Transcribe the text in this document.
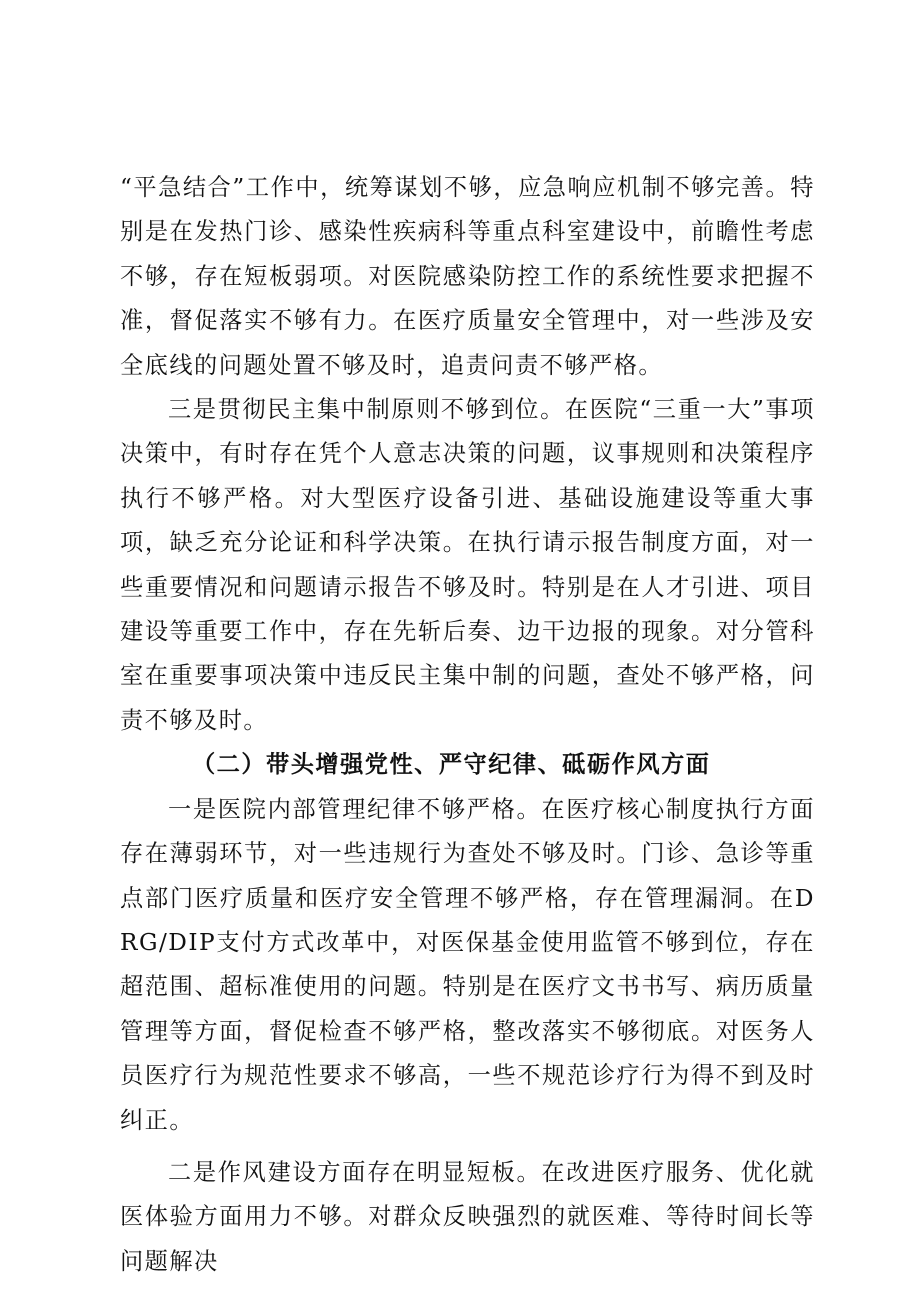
“平急结合”工作中，统筹谋划不够，应急响应机制不够完善。特别是在发热门诊、感染性疾病科等重点科室建设中，前瞻性考虑不够，存在短板弱项。对医院感染防控工作的系统性要求把握不准，督促落实不够有力。在医疗质量安全管理中，对一些涉及安全底线的问题处置不够及时，追责问责不够严格。

三是贯彻民主集中制原则不够到位。在医院“三重一大”事项决策中，有时存在凭个人意志决策的问题，议事规则和决策程序执行不够严格。对大型医疗设备引进、基础设施建设等重大事项，缺乏充分论证和科学决策。在执行请示报告制度方面，对一些重要情况和问题请示报告不够及时。特别是在人才引进、项目建设等重要工作中，存在先斩后奏、边干边报的现象。对分管科室在重要事项决策中违反民主集中制的问题，查处不够严格，问责不够及时。

（二）带头增强党性、严守纪律、砥砺作风方面

一是医院内部管理纪律不够严格。在医疗核心制度执行方面存在薄弱环节，对一些违规行为查处不够及时。门诊、急诊等重点部门医疗质量和医疗安全管理不够严格，存在管理漏洞。在DRG/DIP支付方式改革中，对医保基金使用监管不够到位，存在超范围、超标准使用的问题。特别是在医疗文书书写、病历质量管理等方面，督促检查不够严格，整改落实不够彻底。对医务人员医疗行为规范性要求不够高，一些不规范诊疗行为得不到及时纠正。

二是作风建设方面存在明显短板。在改进医疗服务、优化就医体验方面用力不够。对群众反映强烈的就医难、等待时间长等问题解决
